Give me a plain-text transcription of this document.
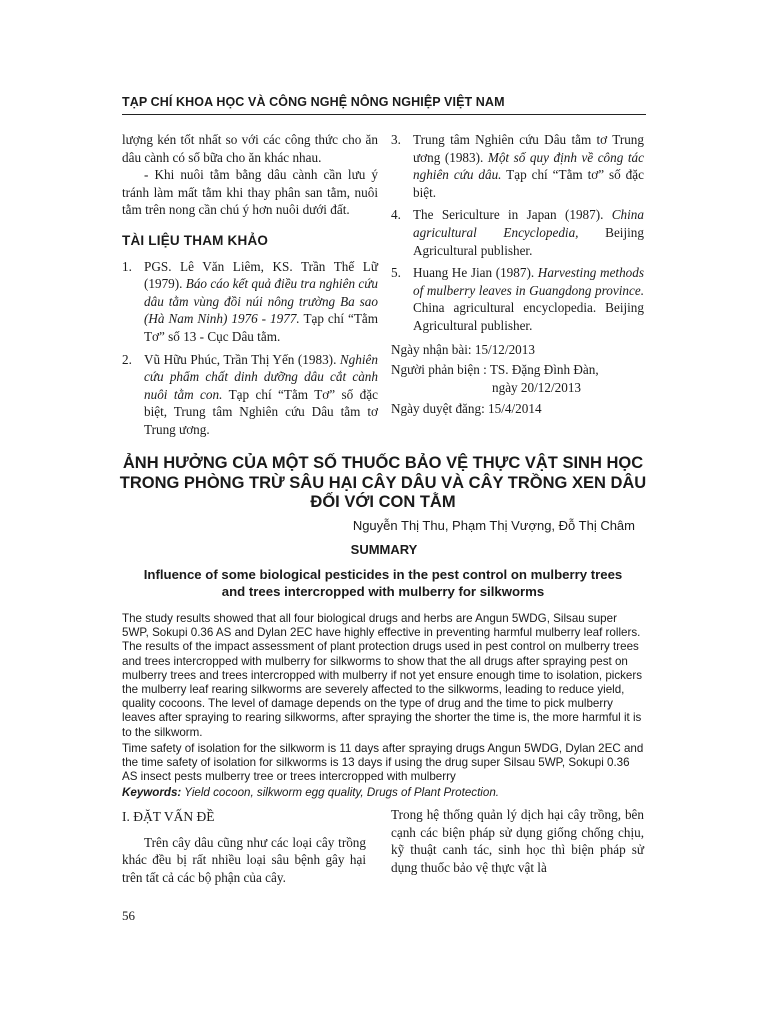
TẠP CHÍ KHOA HỌC VÀ CÔNG NGHỆ NÔNG NGHIỆP VIỆT NAM

lượng kén tốt nhất so với các công thức cho ăn dâu cành có số bữa cho ăn khác nhau.

- Khi nuôi tằm bằng dâu cành cần lưu ý tránh làm mất tằm khi thay phân san tằm, nuôi tằm trên nong cần chú ý hơn nuôi dưới đất.

TÀI LIỆU THAM KHẢO
1. PGS. Lê Văn Liêm, KS. Trần Thế Lữ (1979). Báo cáo kết quả điều tra nghiên cứu dâu tằm vùng đồi núi nông trường Ba sao (Hà Nam Ninh) 1976 - 1977. Tạp chí “Tằm Tơ” số 13 - Cục Dâu tằm.
2. Vũ Hữu Phúc, Trần Thị Yến (1983). Nghiên cứu phẩm chất dinh dưỡng dâu cắt cành nuôi tằm con. Tạp chí “Tằm Tơ” số đặc biệt, Trung tâm Nghiên cứu Dâu tằm tơ Trung ương.
3. Trung tâm Nghiên cứu Dâu tằm tơ Trung ương (1983). Một số quy định về công tác nghiên cứu dâu. Tạp chí “Tằm tơ” số đặc biệt.
4. The Sericulture in Japan (1987). China agricultural Encyclopedia, Beijing Agricultural publisher.
5. Huang He Jian (1987). Harvesting methods of mulberry leaves in Guangdong province. China agricultural encyclopedia. Beijing Agricultural publisher.
Ngày nhận bài: 15/12/2013
Người phản biện : TS. Đặng Đình Đàn,
ngày 20/12/2013
Ngày duyệt đăng: 15/4/2014
ẢNH HƯỞNG CỦA MỘT SỐ THUỐC BẢO VỆ THỰC VẬT SINH HỌC
TRONG PHÒNG TRỪ SÂU HẠI CÂY DÂU VÀ CÂY TRỒNG XEN DÂU
ĐỐI VỚI CON TẰM
Nguyễn Thị Thu, Phạm Thị Vượng, Đỗ Thị Châm
SUMMARY
Influence of some biological pesticides in the pest control on mulberry trees
and trees intercropped with mulberry for silkworms

The study results showed that all four biological drugs and herbs are Angun 5WDG, Silsau super 5WP, Sokupi 0.36 AS and Dylan 2EC have highly effective in preventing harmful mulberry leaf rollers. The results of the impact assessment of plant protection drugs used in pest control on mulberry trees and trees intercropped with mulberry for silkworms to show that the all drugs after spraying pest on mulberry trees and trees intercropped with mulberry if not yet ensure enough time to isolation, pickers the mulberry leaf rearing silkworms are severely affected to the silkworms, leading to reduce yield, quality cocoons. The level of damage depends on the type of drug and the time to pick mulberry leaves after spraying to rearing silkworms, after spraying the shorter the time is, the more harmful it is to the silkworm.

Time safety of isolation for the silkworm is 11 days after spraying drugs Angun 5WDG, Dylan 2EC and the time safety of isolation for silkworms is 13 days if using the drug super Silsau 5WP, Sokupi 0.36 AS insect pests mulberry tree or trees intercropped with mulberry

Keywords: Yield cocoon, silkworm egg quality, Drugs of Plant Protection.

I. ĐẶT VẤN ĐỀ

Trên cây dâu cũng như các loại cây trồng khác đều bị rất nhiều loại sâu bệnh gây hại trên tất cả các bộ phận của cây.

Trong hệ thống quản lý dịch hại cây trồng, bên cạnh các biện pháp sử dụng giống chống chịu, kỹ thuật canh tác, sinh học thì biện pháp sử dụng thuốc bảo vệ thực vật là

56
